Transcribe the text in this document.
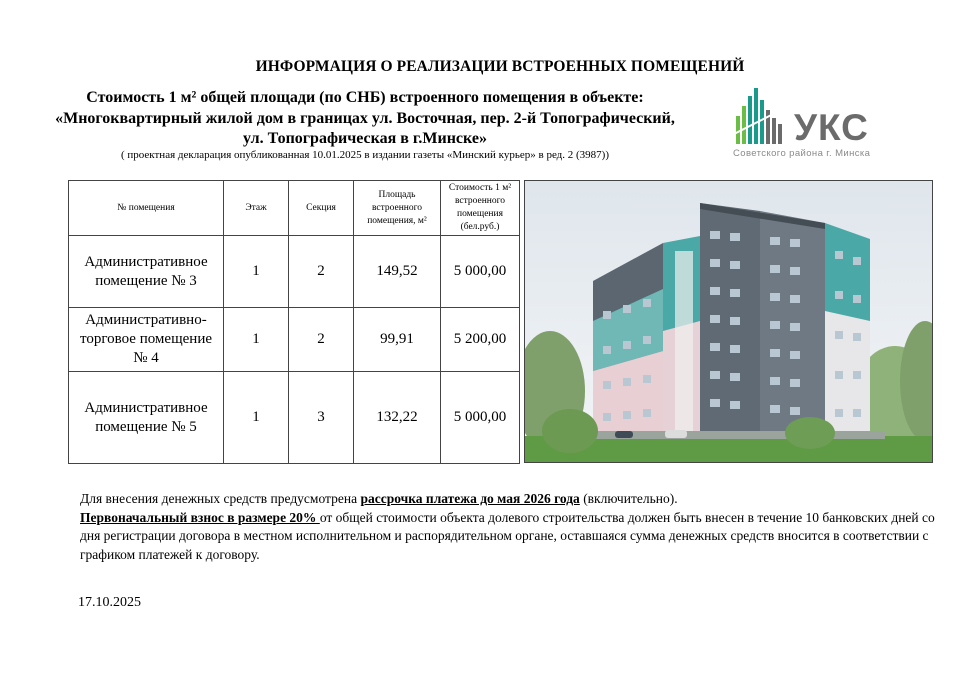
ИНФОРМАЦИЯ О РЕАЛИЗАЦИИ ВСТРОЕННЫХ ПОМЕЩЕНИЙ
Стоимость 1 м² общей площади (по СНБ) встроенного помещения в объекте:
«Многоквартирный жилой дом в границах ул. Восточная, пер. 2-й Топографический,
ул. Топографическая в г.Минске»
( проектная декларация опубликованная 10.01.2025 в издании газеты «Минский курьер» в ред. 2 (3987))
УКС
Советского района г. Минска
№ помещения	Этаж	Секция	Площадь встроенного помещения, м²	Стоимость 1 м² встроенного помещения (бел.руб.)
Административное помещение № 3	1	2	149,52	5 000,00
Административно-торговое помещение № 4	1	2	99,91	5 200,00
Административное помещение № 5	1	3	132,22	5 000,00
Для внесения денежных средств предусмотрена рассрочка платежа до мая 2026 года (включительно).
Первоначальный взнос в размере 20% от общей стоимости объекта долевого строительства должен быть внесен в течение 10 банковских дней со дня регистрации договора в местном исполнительном и распорядительном органе, оставшаяся сумма денежных средств вносится в соответствии с графиком платежей к договору.
17.10.2025
